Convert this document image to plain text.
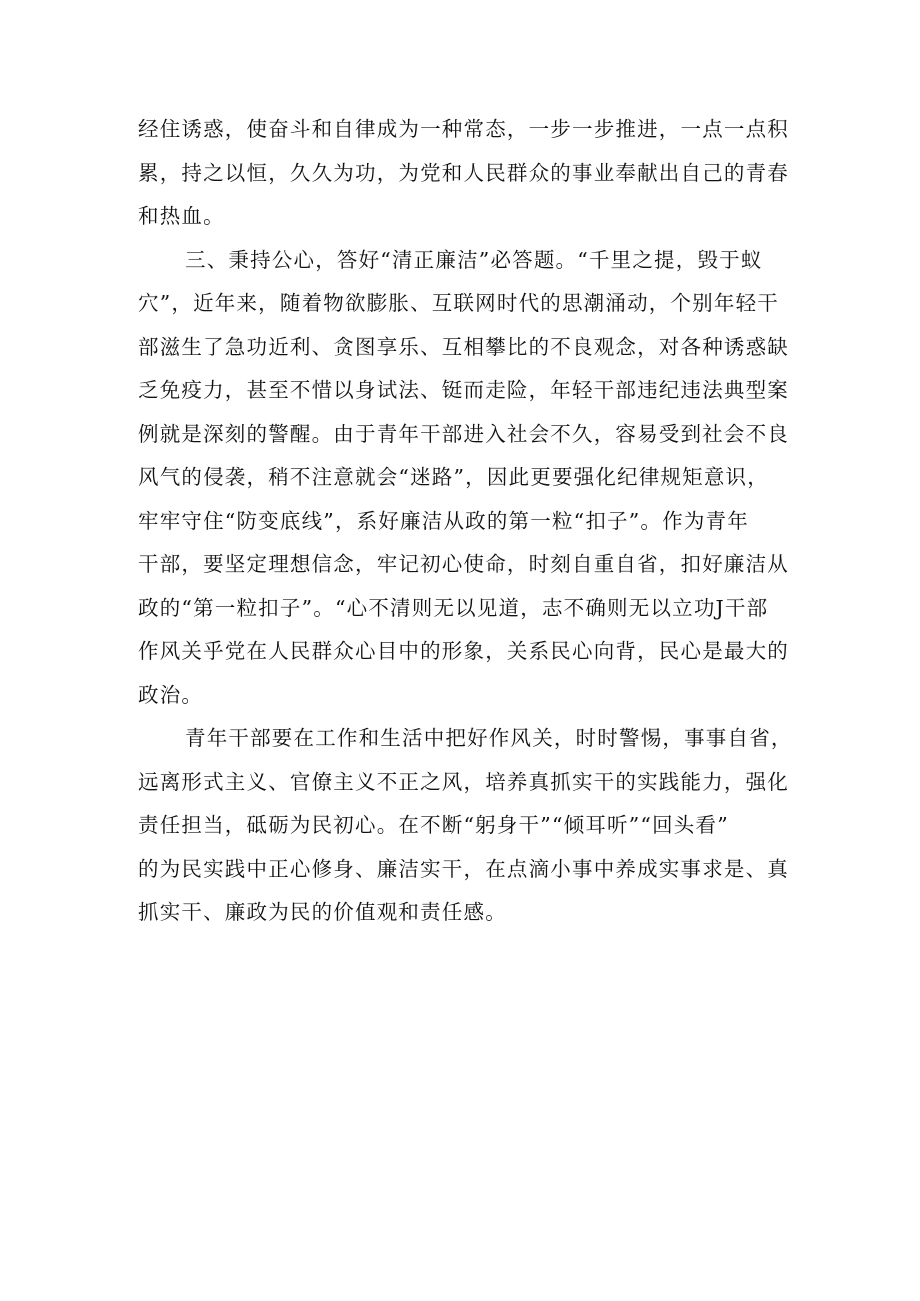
经住诱惑，使奋斗和自律成为一种常态，一步一步推进，一点一点积
累，持之以恒，久久为功，为党和人民群众的事业奉献出自己的青春
和热血。
三、秉持公心，答好“清正廉洁”必答题。“千里之提，毁于蚁
穴”，近年来，随着物欲膨胀、互联网时代的思潮涌动，个别年轻干
部滋生了急功近利、贪图享乐、互相攀比的不良观念，对各种诱惑缺
乏免疫力，甚至不惜以身试法、铤而走险，年轻干部违纪违法典型案
例就是深刻的警醒。由于青年干部进入社会不久，容易受到社会不良
风气的侵袭，稍不注意就会“迷路”，因此更要强化纪律规矩意识，
牢牢守住“防变底线”，系好廉洁从政的第一粒“扣子”。作为青年
干部，要坚定理想信念，牢记初心使命，时刻自重自省，扣好廉洁从
政的“第一粒扣子”。“心不清则无以见道，志不确则无以立功J干部
作风关乎党在人民群众心目中的形象，关系民心向背，民心是最大的
政治。
青年干部要在工作和生活中把好作风关，时时警惕，事事自省，
远离形式主义、官僚主义不正之风，培养真抓实干的实践能力，强化
责任担当，砥砺为民初心。在不断“躬身干”“倾耳听”“回头看”
的为民实践中正心修身、廉洁实干，在点滴小事中养成实事求是、真
抓实干、廉政为民的价值观和责任感。
